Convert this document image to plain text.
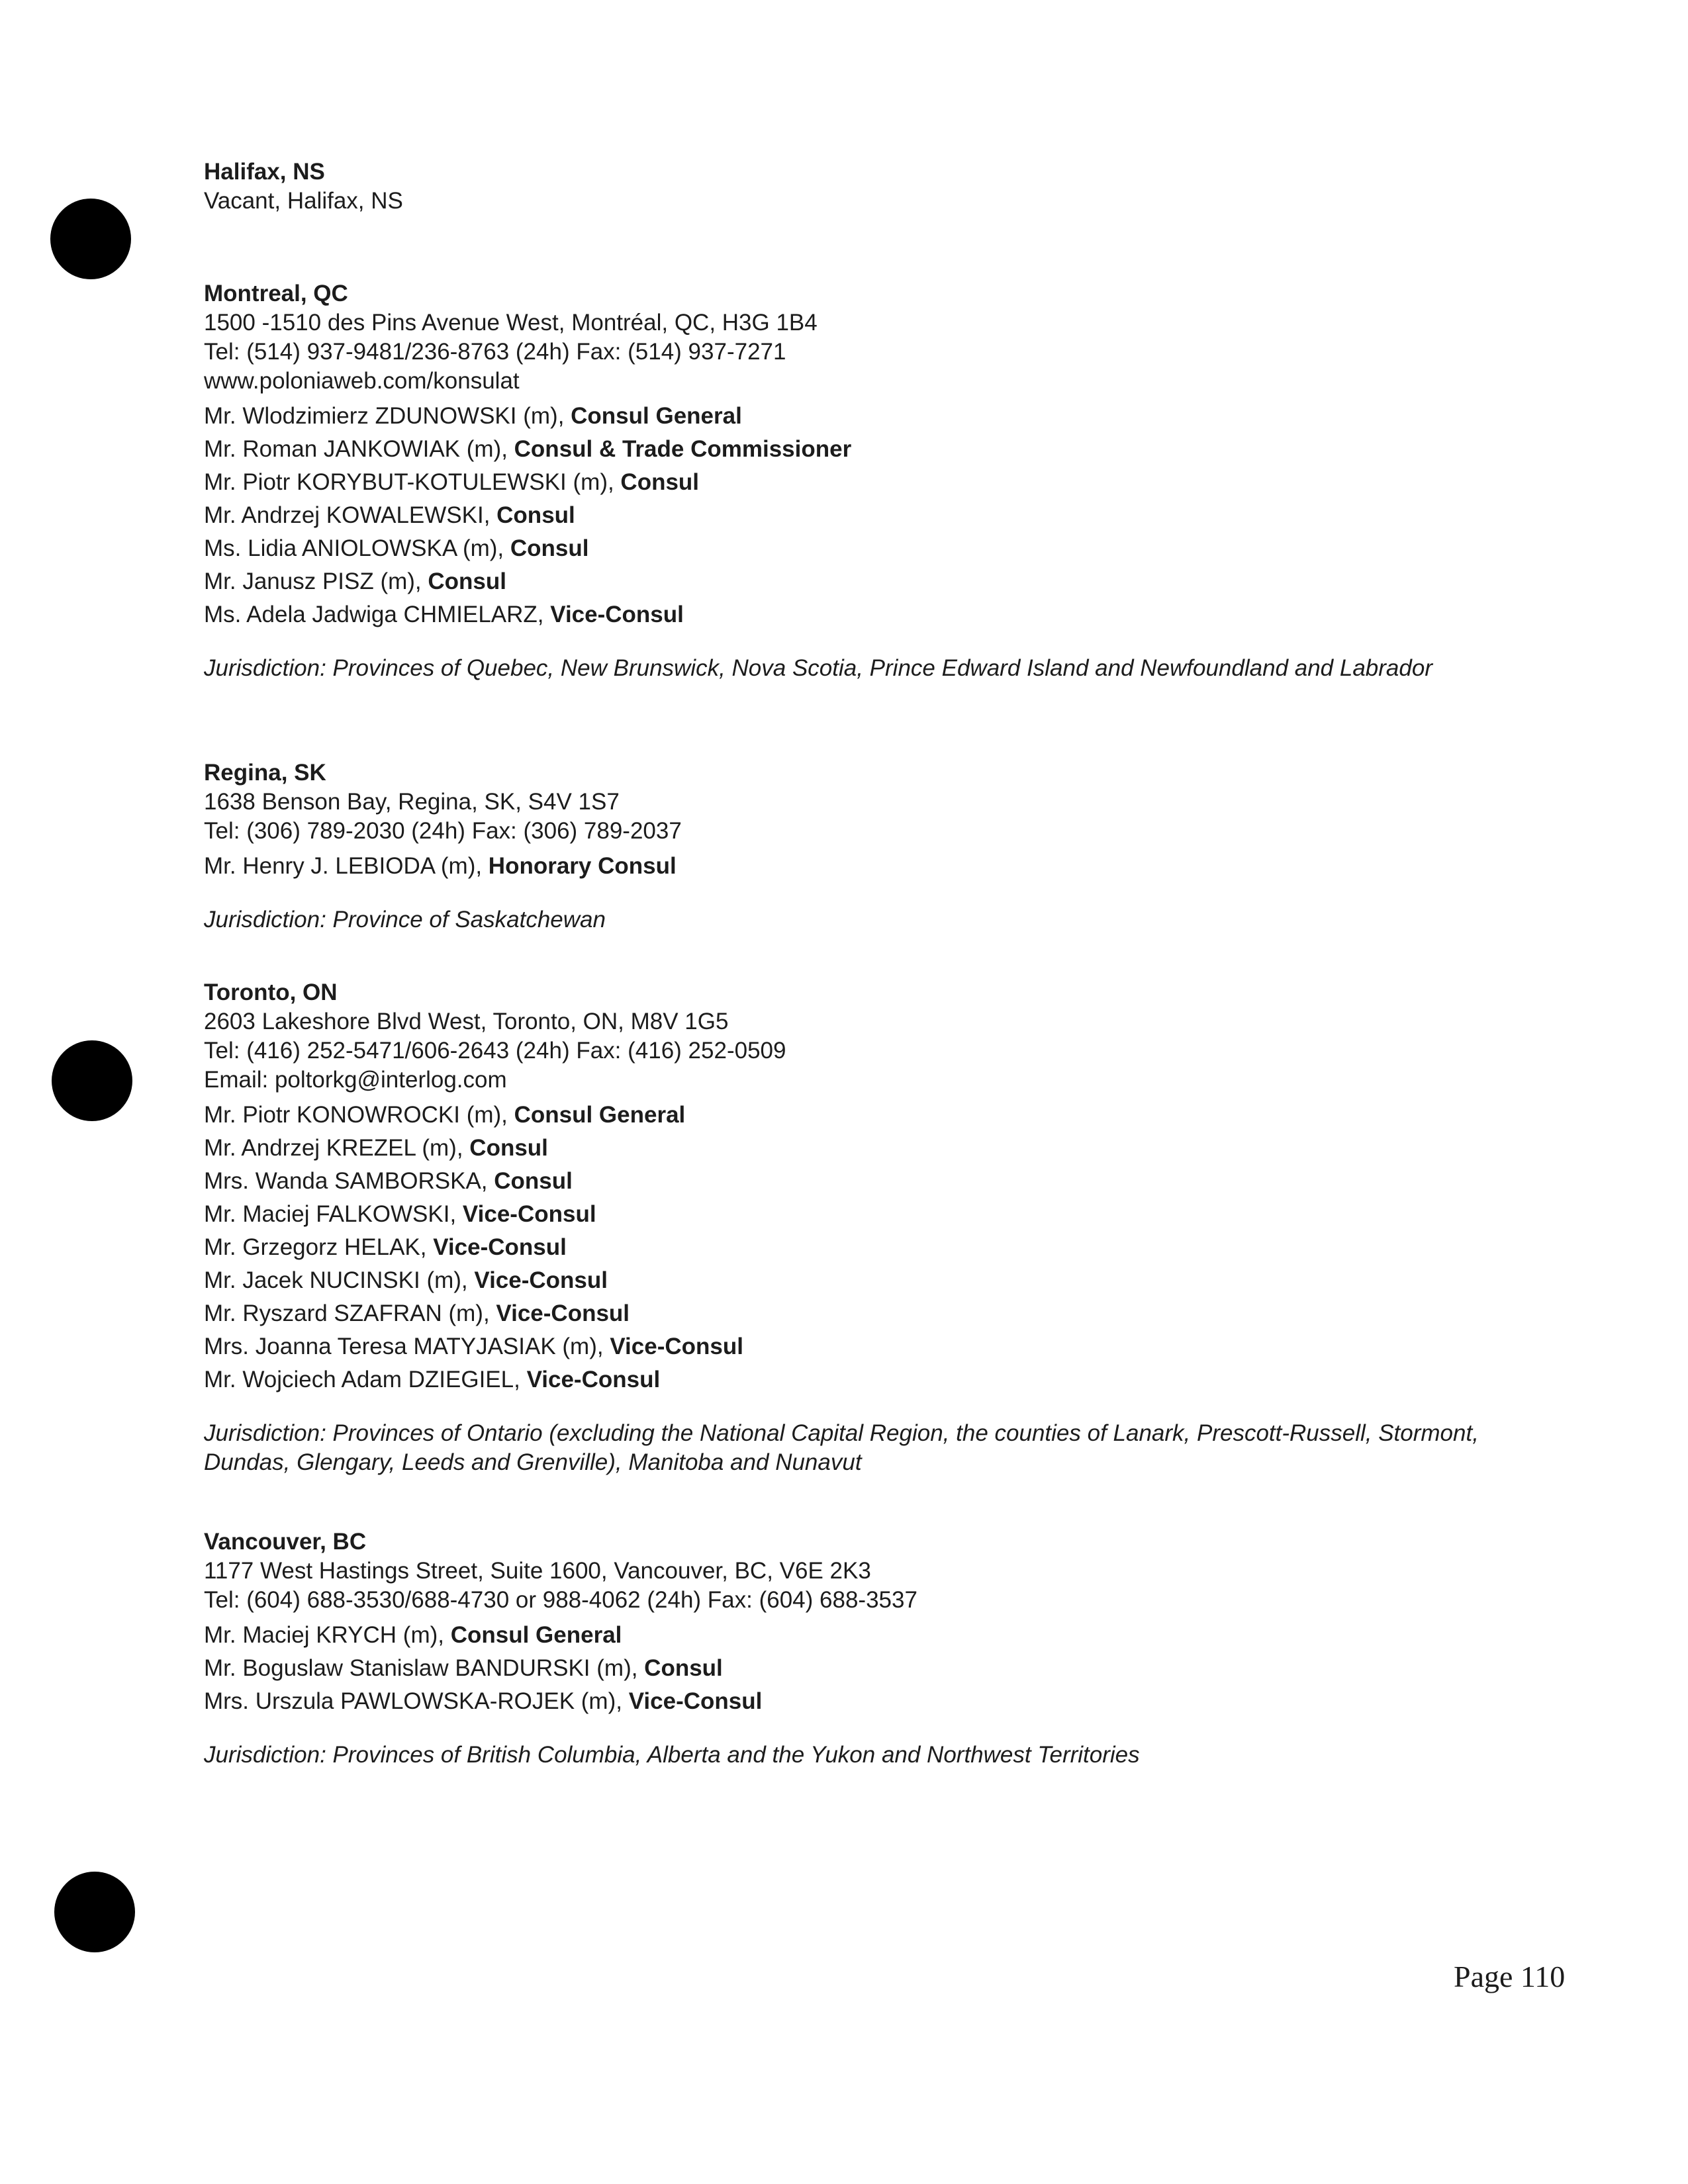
Halifax, NS

Vacant, Halifax, NS

Montreal, QC

1500 -1510 des Pins Avenue West, Montréal, QC, H3G 1B4

Tel: (514) 937-9481/236-8763 (24h) Fax: (514) 937-7271

www.poloniaweb.com/konsulat

Mr. Wlodzimierz ZDUNOWSKI (m), Consul General

Mr. Roman JANKOWIAK (m), Consul & Trade Commissioner

Mr. Piotr KORYBUT-KOTULEWSKI (m), Consul

Mr. Andrzej KOWALEWSKI, Consul

Ms. Lidia ANIOLOWSKA (m), Consul

Mr. Janusz PISZ (m), Consul

Ms. Adela Jadwiga CHMIELARZ, Vice-Consul

Jurisdiction: Provinces of Quebec, New Brunswick, Nova Scotia, Prince Edward Island and Newfoundland and Labrador

Regina, SK

1638 Benson Bay, Regina, SK, S4V 1S7

Tel: (306) 789-2030 (24h) Fax: (306) 789-2037

Mr. Henry J. LEBIODA (m), Honorary Consul

Jurisdiction: Province of Saskatchewan

Toronto, ON

2603 Lakeshore Blvd West, Toronto, ON, M8V 1G5

Tel: (416) 252-5471/606-2643 (24h) Fax: (416) 252-0509

Email: poltorkg@interlog.com

Mr. Piotr KONOWROCKI (m), Consul General

Mr. Andrzej KREZEL (m), Consul

Mrs. Wanda SAMBORSKA, Consul

Mr. Maciej FALKOWSKI, Vice-Consul

Mr. Grzegorz HELAK, Vice-Consul

Mr. Jacek NUCINSKI (m), Vice-Consul

Mr. Ryszard SZAFRAN (m), Vice-Consul

Mrs. Joanna Teresa MATYJASIAK (m), Vice-Consul

Mr. Wojciech Adam DZIEGIEL, Vice-Consul

Jurisdiction: Provinces of Ontario (excluding the National Capital Region, the counties of Lanark, Prescott-Russell, Stormont, Dundas, Glengary, Leeds and Grenville), Manitoba and Nunavut

Vancouver, BC

1177 West Hastings Street, Suite 1600, Vancouver, BC, V6E 2K3

Tel: (604) 688-3530/688-4730 or 988-4062 (24h) Fax: (604) 688-3537

Mr. Maciej KRYCH (m), Consul General

Mr. Boguslaw Stanislaw BANDURSKI (m), Consul

Mrs. Urszula PAWLOWSKA-ROJEK (m), Vice-Consul

Jurisdiction: Provinces of British Columbia, Alberta and the Yukon and Northwest Territories

Page 110
